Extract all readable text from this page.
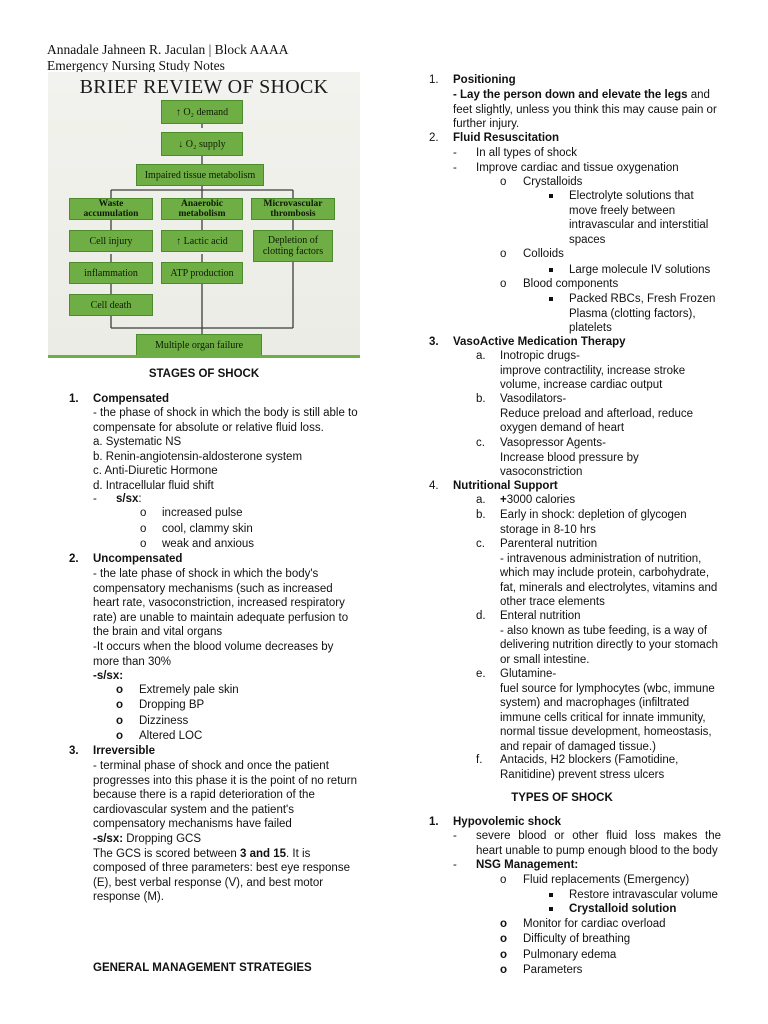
Annadale Jahneen R. Jaculan | Block AAAA
Emergency Nursing Study Notes
BRIEF REVIEW OF SHOCK
↑ O₂ demand
↓ O₂ supply
Impaired tissue metabolism
Waste accumulation
Anaerobic metabolism
Microvascular thrombosis
Cell injury	↑ Lactic acid	Depletion of clotting factors
inflammation	ATP production
Cell death
Multiple organ failure
STAGES OF SHOCK
1. Compensated
- the phase of shock in which the body is still able to
compensate for absolute or relative fluid loss.
a. Systematic NS
b. Renin-angiotensin-aldosterone system
c. Anti-Diuretic Hormone
d. Intracellular fluid shift
- s/sx:
o increased pulse
o cool, clammy skin
o weak and anxious
2. Uncompensated
- the late phase of shock in which the body's
compensatory mechanisms (such as increased
heart rate, vasoconstriction, increased respiratory
rate) are unable to maintain adequate perfusion to
the brain and vital organs
-It occurs when the blood volume decreases by
more than 30%
-s/sx:
o Extremely pale skin
o Dropping BP
o Dizziness
o Altered LOC
3. Irreversible
- terminal phase of shock and once the patient
progresses into this phase it is the point of no return
because there is a rapid deterioration of the
cardiovascular system and the patient's
compensatory mechanisms have failed
-s/sx: Dropping GCS
The GCS is scored between 3 and 15. It is
composed of three parameters: best eye response
(E), best verbal response (V), and best motor
response (M).
GENERAL MANAGEMENT STRATEGIES
1. Positioning
- Lay the person down and elevate the legs and
feet slightly, unless you think this may cause pain or
further injury.
2. Fluid Resuscitation
- In all types of shock
- Improve cardiac and tissue oxygenation
o Crystalloids
Electrolyte solutions that
move freely between
intravascular and interstitial
spaces
o Colloids
Large molecule IV solutions
o Blood components
Packed RBCs, Fresh Frozen
Plasma (clotting factors),
platelets
3. VasoActive Medication Therapy
a. Inotropic drugs-
improve contractility, increase stroke
volume, increase cardiac output
b. Vasodilators-
Reduce preload and afterload, reduce
oxygen demand of heart
c. Vasopressor Agents-
Increase blood pressure by
vasoconstriction
4. Nutritional Support
a. +3000 calories
b. Early in shock: depletion of glycogen
storage in 8-10 hrs
c. Parenteral nutrition
- intravenous administration of nutrition,
which may include protein, carbohydrate,
fat, minerals and electrolytes, vitamins and
other trace elements
d. Enteral nutrition
- also known as tube feeding, is a way of
delivering nutrition directly to your stomach
or small intestine.
e. Glutamine-
fuel source for lymphocytes (wbc, immune
system) and macrophages (infiltrated
immune cells critical for innate immunity,
normal tissue development, homeostasis,
and repair of damaged tissue.)
f. Antacids, H2 blockers (Famotidine,
Ranitidine) prevent stress ulcers
TYPES OF SHOCK
1. Hypovolemic shock
- severe blood or other fluid loss makes the
heart unable to pump enough blood to the body
- NSG Management:
o Fluid replacements (Emergency)
Restore intravascular volume
Crystalloid solution
o Monitor for cardiac overload
o Difficulty of breathing
o Pulmonary edema
o Parameters
